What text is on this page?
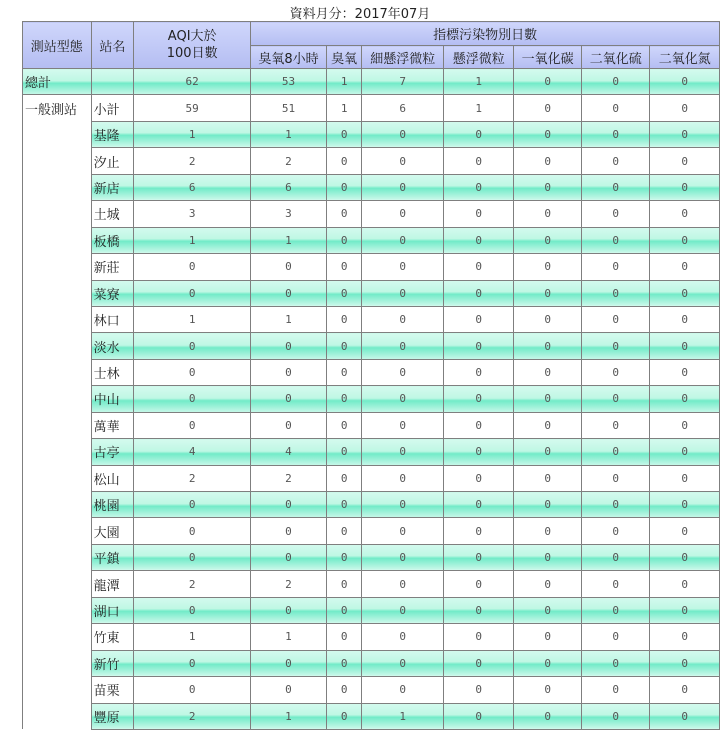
資料月分：2017年07月
測站型態	站名	AQI大於
100日數	指標污染物別日數						
			臭氧8小時	臭氧	細懸浮微粒	懸浮微粒	一氧化碳	二氧化硫	二氧化氮
總計		62	53	1	7	1	0	0	0
一般測站	小計	59	51	1	6	1	0	0	0
	基隆	1	1	0	0	0	0	0	0
	汐止	2	2	0	0	0	0	0	0
	新店	6	6	0	0	0	0	0	0
	土城	3	3	0	0	0	0	0	0
	板橋	1	1	0	0	0	0	0	0
	新莊	0	0	0	0	0	0	0	0
	菜寮	0	0	0	0	0	0	0	0
	林口	1	1	0	0	0	0	0	0
	淡水	0	0	0	0	0	0	0	0
	士林	0	0	0	0	0	0	0	0
	中山	0	0	0	0	0	0	0	0
	萬華	0	0	0	0	0	0	0	0
	古亭	4	4	0	0	0	0	0	0
	松山	2	2	0	0	0	0	0	0
	桃園	0	0	0	0	0	0	0	0
	大園	0	0	0	0	0	0	0	0
	平鎮	0	0	0	0	0	0	0	0
	龍潭	2	2	0	0	0	0	0	0
	湖口	0	0	0	0	0	0	0	0
	竹東	1	1	0	0	0	0	0	0
	新竹	0	0	0	0	0	0	0	0
	苗栗	0	0	0	0	0	0	0	0
	豐原	2	1	0	1	0	0	0	0
